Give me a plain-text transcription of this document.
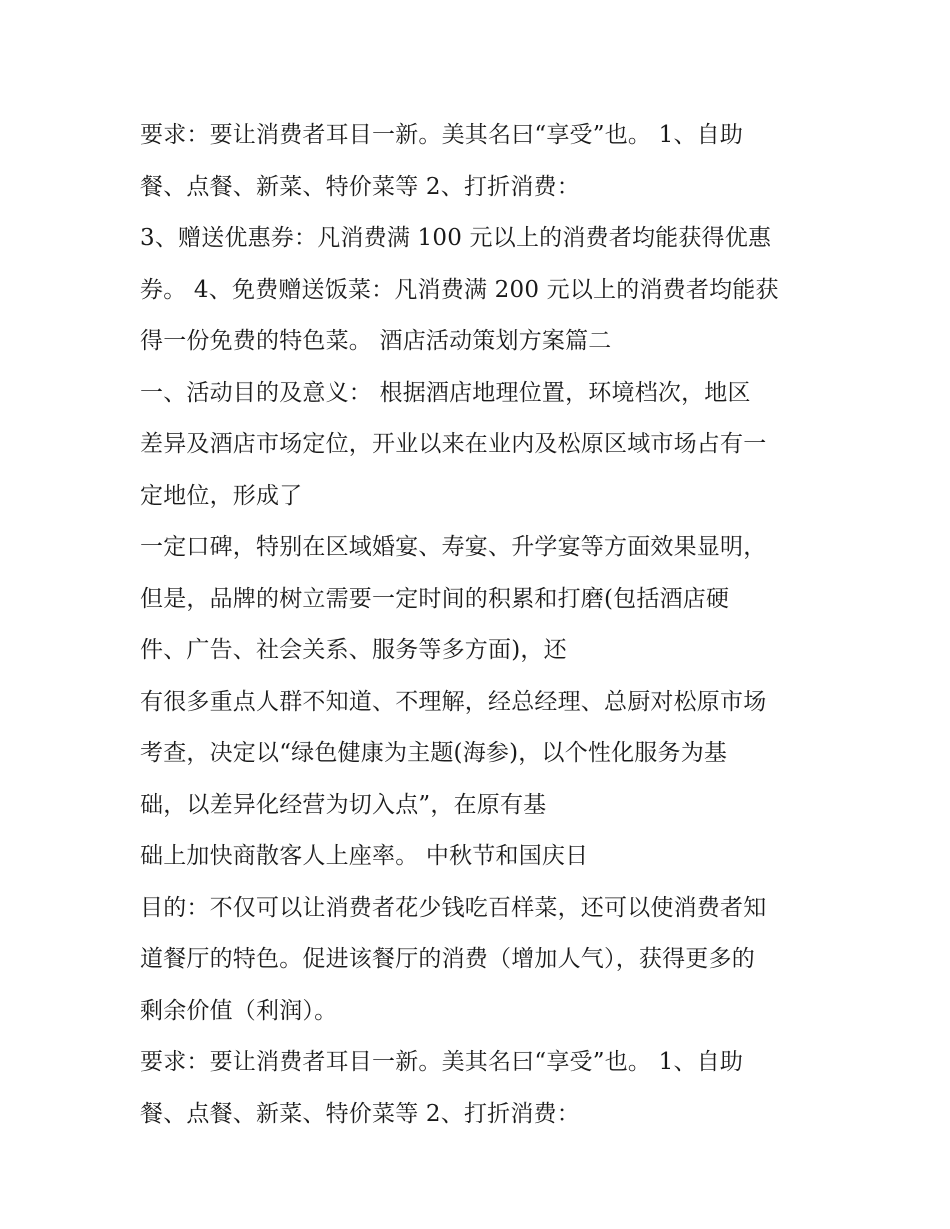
要求：要让消费者耳目一新。美其名曰“享受”也。 1、自助
餐、点餐、新菜、特价菜等 2、打折消费：
3、赠送优惠券：凡消费满 100 元以上的消费者均能获得优惠
券。 4、免费赠送饭菜：凡消费满 200 元以上的消费者均能获
得一份免费的特色菜。 酒店活动策划方案篇二
一、活动目的及意义： 根据酒店地理位置，环境档次，地区
差异及酒店市场定位，开业以来在业内及松原区域市场占有一
定地位，形成了
一定口碑，特别在区域婚宴、寿宴、升学宴等方面效果显明，
但是，品牌的树立需要一定时间的积累和打磨(包括酒店硬
件、广告、社会关系、服务等多方面)，还
有很多重点人群不知道、不理解，经总经理、总厨对松原市场
考查，决定以“绿色健康为主题(海参)，以个性化服务为基
础，以差异化经营为切入点”，在原有基
础上加快商散客人上座率。 中秋节和国庆日
目的：不仅可以让消费者花少钱吃百样菜，还可以使消费者知
道餐厅的特色。促进该餐厅的消费（增加人气），获得更多的
剩余价值（利润）。
要求：要让消费者耳目一新。美其名曰“享受”也。 1、自助
餐、点餐、新菜、特价菜等 2、打折消费：
